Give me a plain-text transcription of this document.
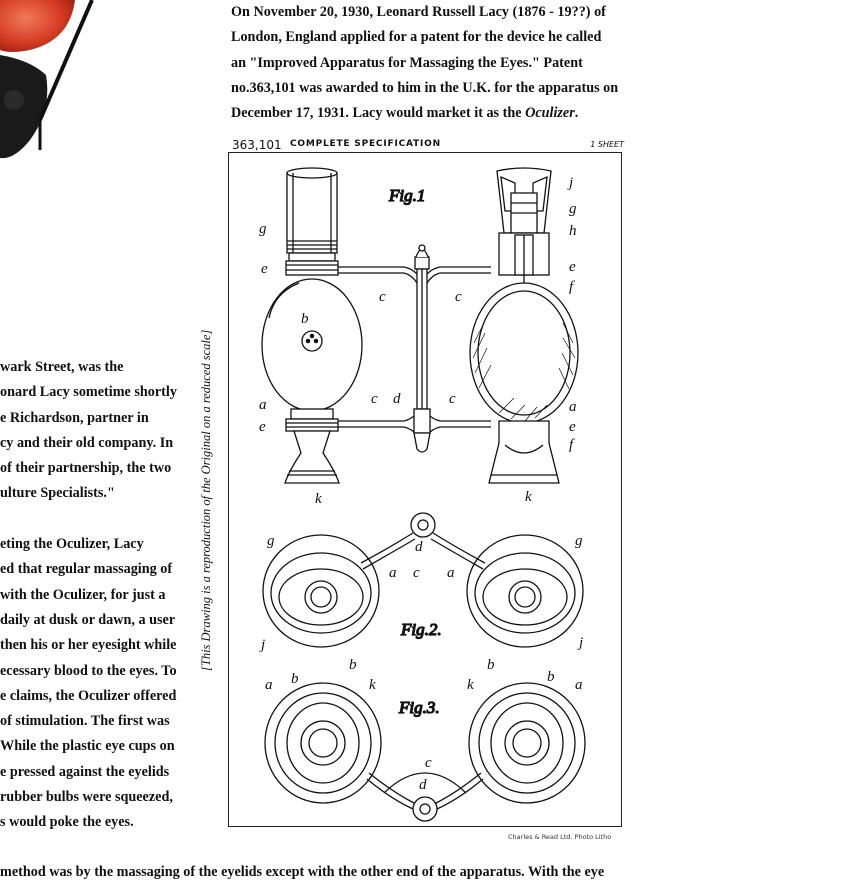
On November 20, 1930, Leonard Russell Lacy (1876 - 19??) of

London, England applied for a patent for the device he called

an "Improved Apparatus for Massaging the Eyes." Patent

no.363,101 was awarded to him in the U.K. for the apparatus on

December 17, 1931. Lacy would market it as the Oculizer.

wark Street, was the
onard Lacy sometime shortly
e Richardson, partner in
cy and their old company. In
of their partnership, the two
ulture Specialists."
eting the Oculizer, Lacy
ed that regular massaging of
with the Oculizer, for just a
daily at dusk or dawn, a user
then his or her eyesight while
ecessary blood to the eyes. To
e claims, the Oculizer offered
of stimulation. The first was
While the plastic eye cups on
e pressed against the eyelids
rubber bulbs were squeezed,
s would poke the eyes.
method was by the massaging of the eyelids except with the other end of the apparatus. With the eye
363,101 COMPLETE SPECIFICATION	1 SHEET
[This Drawing is a reproduction of the Original on a reduced scale]
Fig.1
g
e
b
c	c
a
e
c d	c
k
j
g
h
e
f
a
e
f
k
Fig.2.
g
a c a
d	g
j	j
b	b
Fig.3.
a b	k	k	b a
c
d
Charles & Read Ltd. Photo Litho
